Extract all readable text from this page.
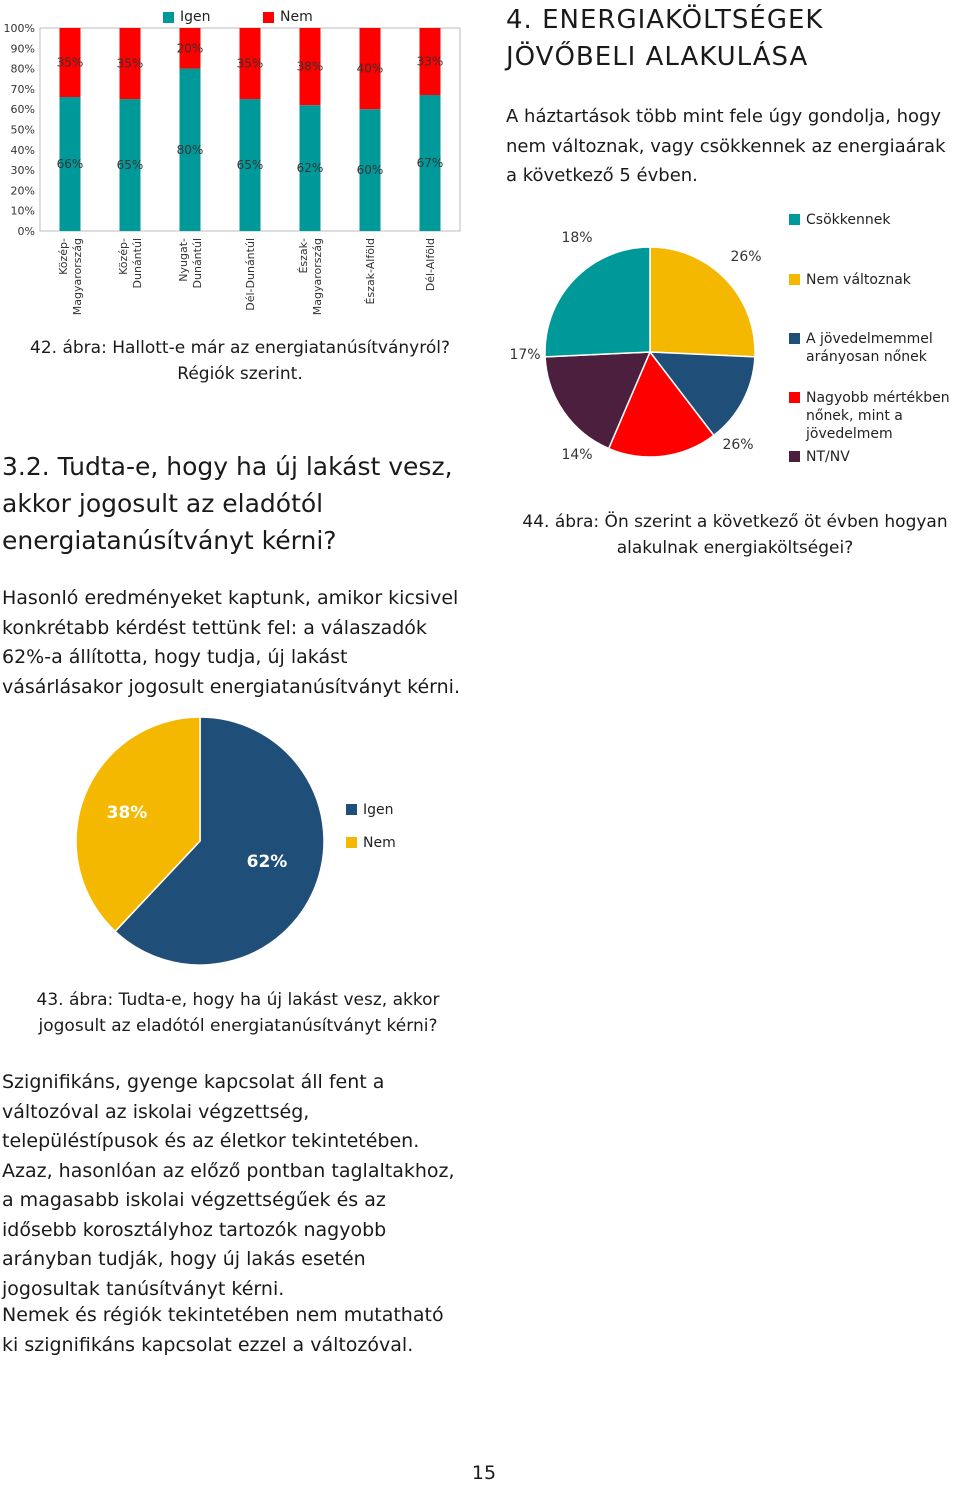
Igen	Nem
100%
90%
80%
70%
60%
50%
40%
30%
20%
10%
0%
66%
35%
Közép-Magyarország
65%
35%
Közép-Dunántúl
80%
20%
Nyugat-Dunántúl
65%
35%
Dél-Dunántúl
62%
38%
Észak-Magyarország
60%
40%
Észak-Alföld
67%
33%
Dél-Alföld
42. ábra: Hallott-e már az energiatanúsítványról? Régiók szerint.
4. ENERGIAKÖLTSÉGEK JÖVŐBELI ALAKULÁSA
A háztartások több mint fele úgy gondolja, hogy nem változnak, vagy csökkennek az energiaárak a következő 5 évben.
26%
14%
17%
18%
26%
Csökkennek
Nem változnak
A jövedelmemmel arányosan nőnek
Nagyobb mértékben nőnek, mint a jövedelmem
NT/NV
44. ábra: Ön szerint a következő öt évben hogyan alakulnak energiaköltségei?
3.2. Tudta-e, hogy ha új lakást vesz, akkor jogosult az eladótól energiatanúsítványt kérni?
Hasonló eredményeket kaptunk, amikor kicsivel konkrétabb kérdést tettünk fel: a válaszadók 62%-a állította, hogy tudja, új lakást vásárlásakor jogosult energiatanúsítványt kérni.
62%
38%	Igen
Nem
43. ábra: Tudta-e, hogy ha új lakást vesz, akkor jogosult az eladótól energiatanúsítványt kérni?
Szignifikáns, gyenge kapcsolat áll fent a változóval az iskolai végzettség, településtípusok és az életkor tekintetében. Azaz, hasonlóan az előző pontban taglaltakhoz, a magasabb iskolai végzettségűek és az idősebb korosztályhoz tartozók nagyobb arányban tudják, hogy új lakás esetén jogosultak tanúsítványt kérni.
Nemek és régiók tekintetében nem mutatható ki szignifikáns kapcsolat ezzel a változóval.
15
